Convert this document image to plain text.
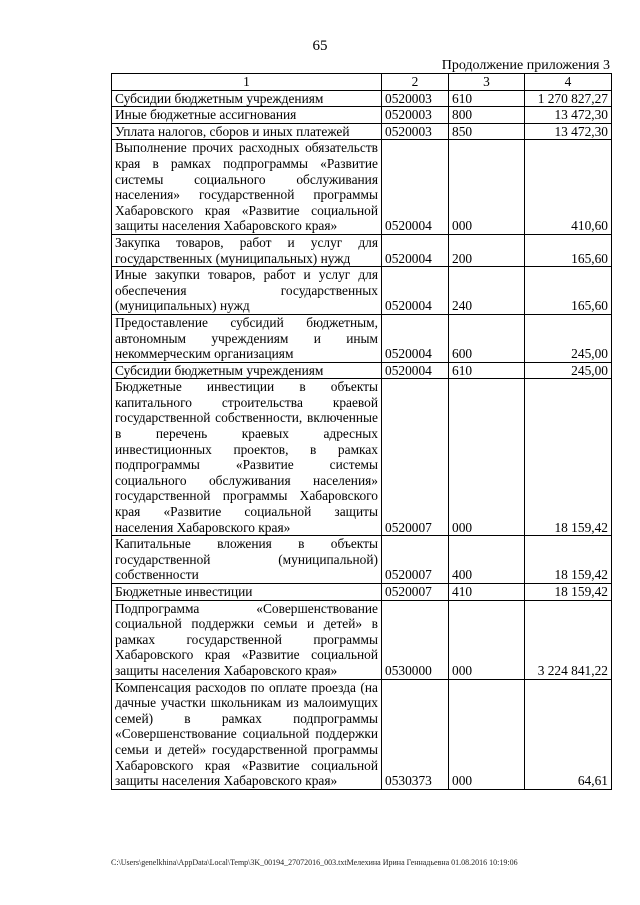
65
Продолжение приложения 3
1	2	3	4
Субсидии бюджетным учреждениям	0520003	610	1 270 827,27
Иные бюджетные ассигнования	0520003	800	13 472,30
Уплата налогов, сборов и иных платежей	0520003	850	13 472,30
Выполнение прочих расходных обязательств края в рамках подпрограммы «Развитие системы социального обслуживания населения» государственной программы Хабаровского края «Развитие социальной защиты населения Хабаровского края»	0520004	000	410,60
Закупка товаров, работ и услуг для государственных (муниципальных) нужд	0520004	200	165,60
Иные закупки товаров, работ и услуг для обеспечения государственных (муниципальных) нужд	0520004	240	165,60
Предоставление субсидий бюджетным, автономным учреждениям и иным некоммерческим организациям	0520004	600	245,00
Субсидии бюджетным учреждениям	0520004	610	245,00
Бюджетные инвестиции в объекты капитального строительства краевой государственной собственности, включенные в перечень краевых адресных инвестиционных проектов, в рамках подпрограммы «Развитие системы социального обслуживания населения» государственной программы Хабаровского края «Развитие социальной защиты населения Хабаровского края»	0520007	000	18 159,42
Капитальные вложения в объекты государственной (муниципальной) собственности	0520007	400	18 159,42
Бюджетные инвестиции	0520007	410	18 159,42
Подпрограмма «Совершенствование социальной поддержки семьи и детей» в рамках государственной программы Хабаровского края «Развитие социальной защиты населения Хабаровского края»	0530000	000	3 224 841,22
Компенсация расходов по оплате проезда (на дачные участки школьникам из малоимущих семей) в рамках подпрограммы «Совершенствование социальной поддержки семьи и детей» государственной программы Хабаровского края «Развитие социальной защиты населения Хабаровского края»	0530373	000	64,61
C:\Users\genelkhina\AppData\Local\Temp\3K_00194_27072016_003.txtМелехина Ирина Геннадьевна 01.08.2016 10:19:06
